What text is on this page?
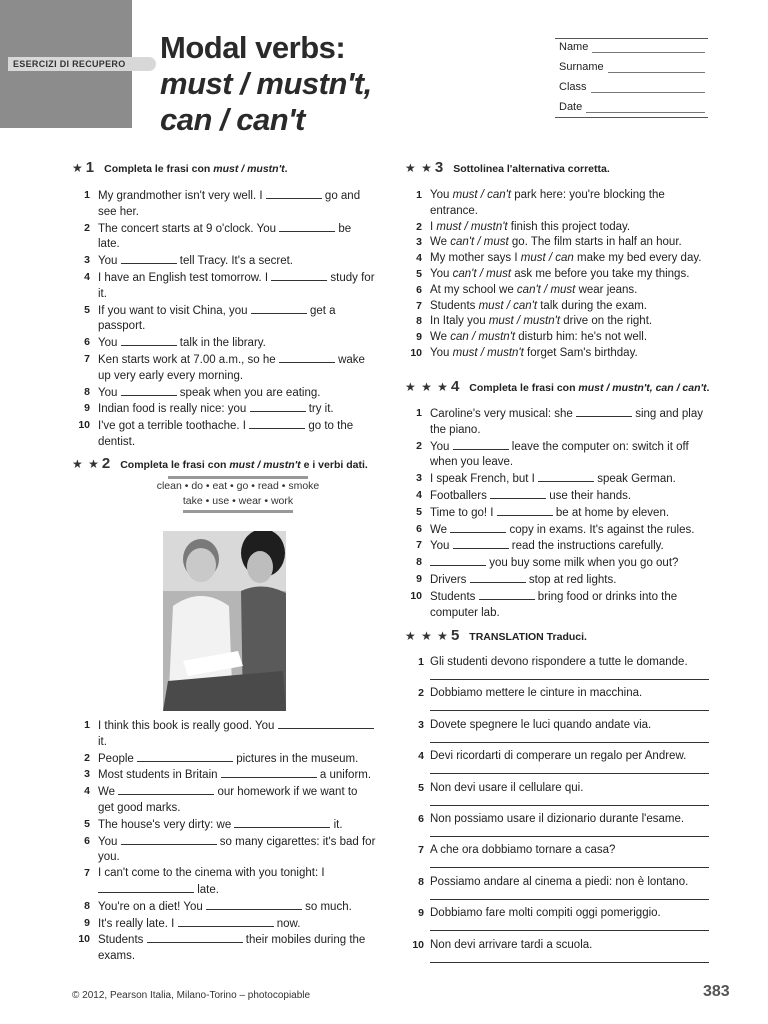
ESERCIZI DI RECUPERO	Modal verbs:
must / mustn't,
can / can't
Name
Surname
Class
Date
★ 1 Completa le frasi con must / mustn't.
1 My grandmother isn't very well. I	go and see her.
2 The concert starts at 9 o'clock. You	be late.
3 You	tell Tracy. It's a secret.
4 I have an English test tomorrow. I	study for it.
5 If you want to visit China, you	get a passport.
6 You	talk in the library.
7 Ken starts work at 7.00 a.m., so he	wake up very early every morning.
8 You	speak when you are eating.
9 Indian food is really nice: you	try it.
10 I've got a terrible toothache. I	go to the dentist.
★ ★ 2 Completa le frasi con must / mustn't e i verbi dati.
clean • do • eat • go • read • smoke
take • use • wear • work
1 I think this book is really good. You  it.
2 People	pictures in the museum.
3 Most students in Britain	a uniform.
4 We	our homework if we want to get good marks.
5 The house's very dirty: we	it.
6 You	so many cigarettes: it's bad for you.
7 I can't come to the cinema with you tonight: I  late.
8 You're on a diet! You	so much.
9 It's really late. I	now.
10 Students	their mobiles during the exams.
★ ★ 3 Sottolinea l'alternativa corretta.
1 You must / can't park here: you're blocking the entrance.
2 I must / mustn't finish this project today.
3 We can't / must go. The film starts in half an hour.
4 My mother says I must / can make my bed every day.
5 You can't / must ask me before you take my things.
6 At my school we can't / must wear jeans.
7 Students must / can't talk during the exam.
8 In Italy you must / mustn't drive on the right.
9 We can / mustn't disturb him: he's not well.
10 You must / mustn't forget Sam's birthday.
★ ★ ★ 4 Completa le frasi con must / mustn't, can / can't.
1 Caroline's very musical: she	sing and play the piano.
2 You	leave the computer on: switch it off when you leave.
3 I speak French, but I	speak German.
4 Footballers	use their hands.
5 Time to go! I	be at home by eleven.
6 We	copy in exams. It's against the rules.
7 You	read the instructions carefully.
8	you buy some milk when you go out?
9 Drivers	stop at red lights.
10 Students	bring food or drinks into the computer lab.
★ ★ ★ 5 TRANSLATION Traduci.
1 Gli studenti devono rispondere a tutte le domande.
2 Dobbiamo mettere le cinture in macchina.
3 Dovete spegnere le luci quando andate via.
4 Devi ricordarti di comperare un regalo per Andrew.
5 Non devi usare il cellulare qui.
6 Non possiamo usare il dizionario durante l'esame.
7 A che ora dobbiamo tornare a casa?
8 Possiamo andare al cinema a piedi: non è lontano.
9 Dobbiamo fare molti compiti oggi pomeriggio.
10 Non devi arrivare tardi a scuola.
© 2012, Pearson Italia, Milano-Torino – photocopiable	383
